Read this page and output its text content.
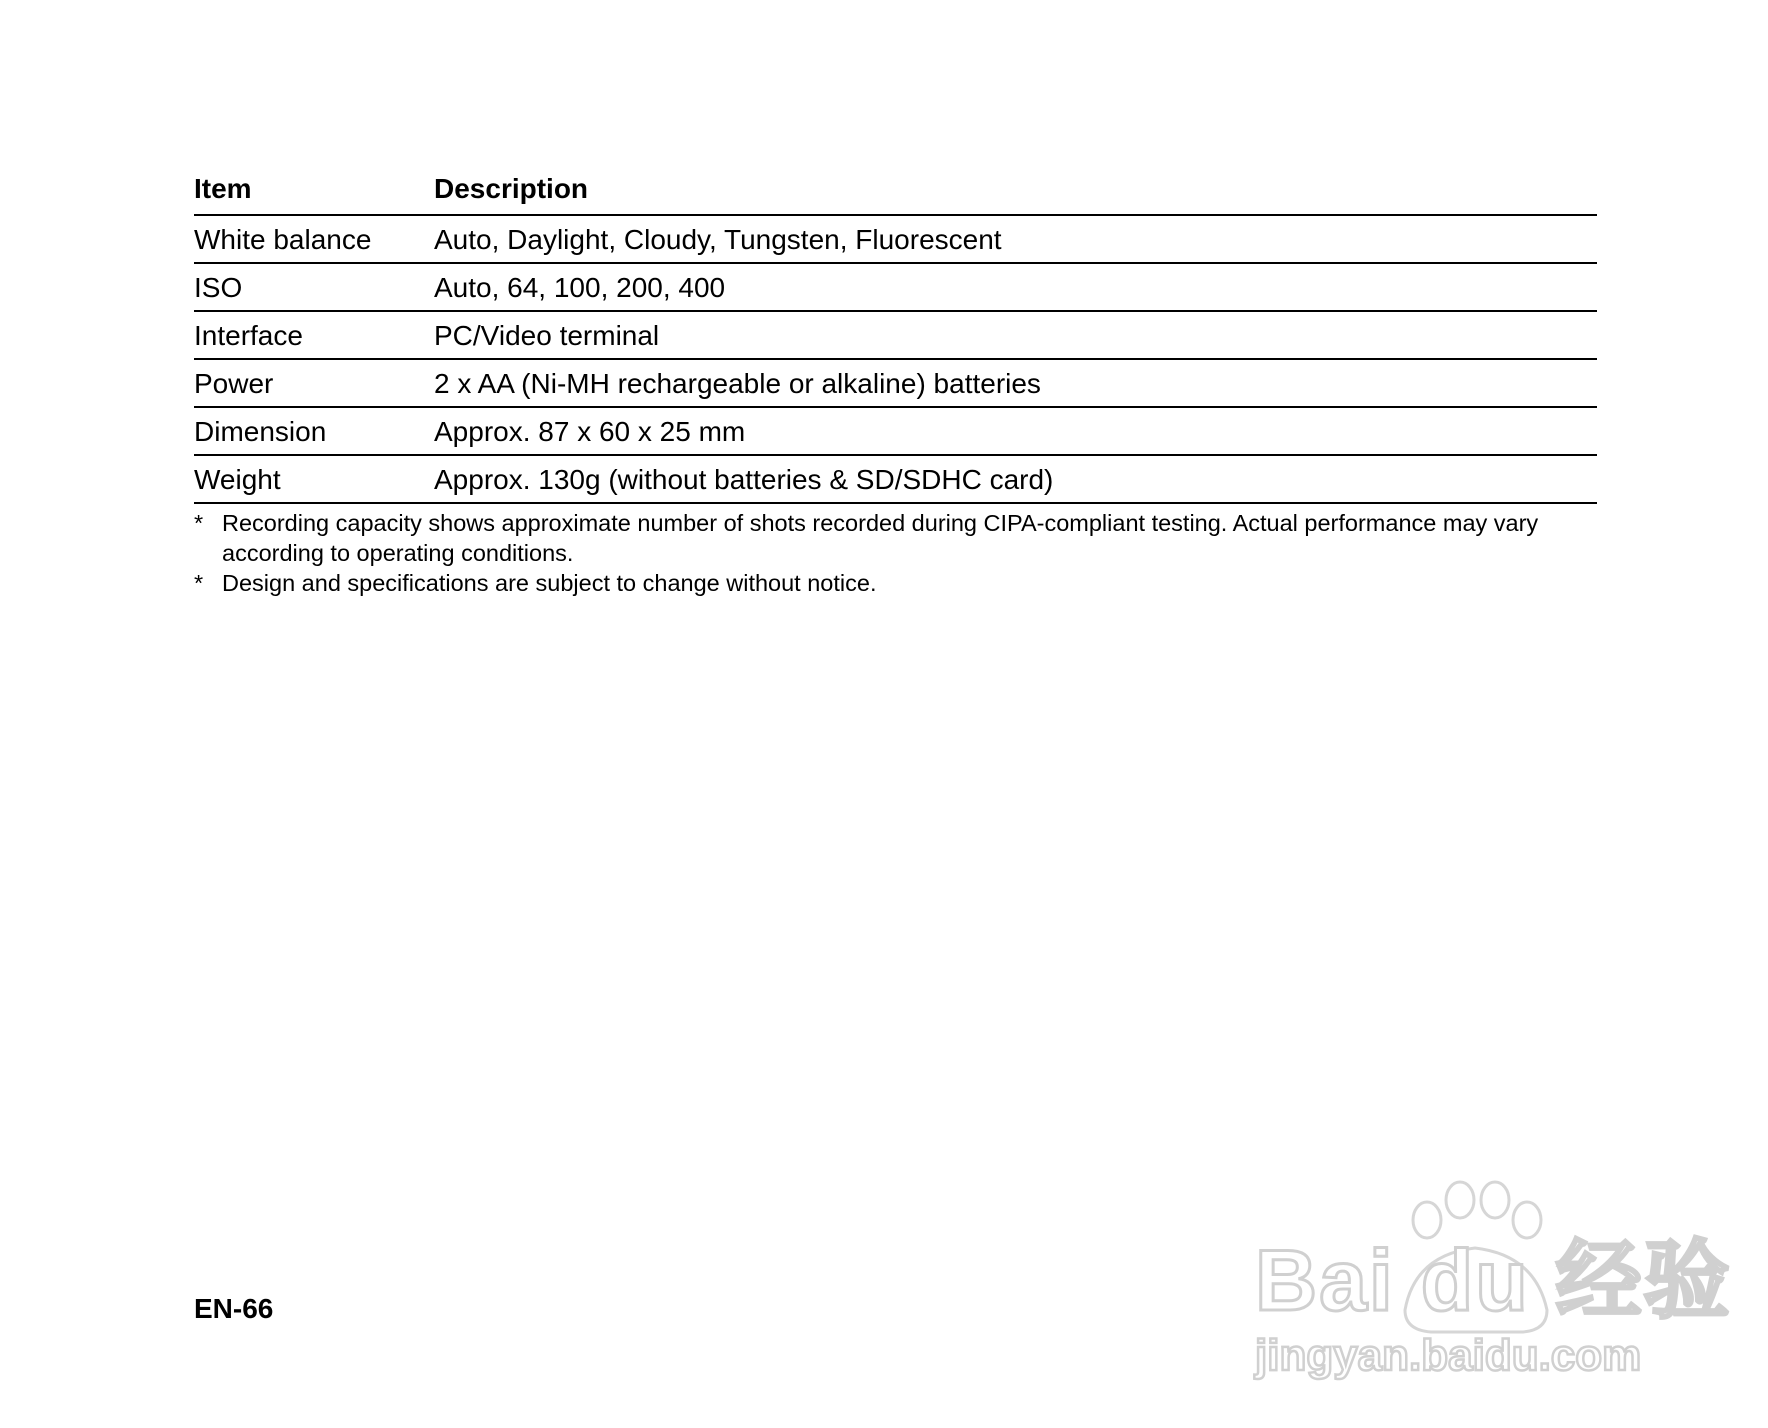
Item	Description
White balance	Auto, Daylight, Cloudy, Tungsten, Fluorescent
ISO	Auto, 64, 100, 200, 400
Interface	PC/Video terminal
Power	2 x AA (Ni-MH rechargeable or alkaline) batteries
Dimension	Approx. 87 x 60 x 25 mm
Weight	Approx. 130g (without batteries & SD/SDHC card)
* Recording capacity shows approximate number of shots recorded during CIPA-compliant testing. Actual performance may vary according to operating conditions.
* Design and specifications are subject to change without notice.
EN-66	Bai du 经验
jingyan.baidu.com
